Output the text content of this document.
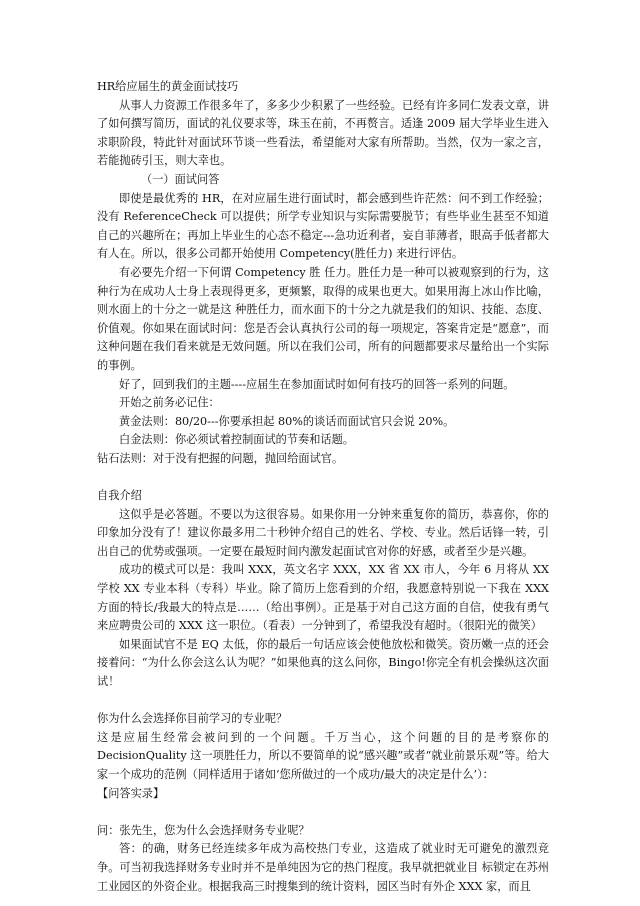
HR给应届生的黄金面试技巧

从事人力资源工作很多年了，多多少少积累了一些经验。已经有许多同仁发表文章，讲了如何撰写简历，面试的礼仪要求等，珠玉在前，不再赘言。适逢 2009 届大学毕业生进入求职阶段，特此针对面试环节谈一些看法，希望能对大家有所帮助。当然，仅为一家之言，若能抛砖引玉，则大幸也。

（一）面试问答

即使是最优秀的 HR，在对应届生进行面试时，都会感到些许茫然：问不到工作经验；没有 ReferenceCheck 可以提供；所学专业知识与实际需要脱节；有些毕业生甚至不知道自己的兴趣所在；再加上毕业生的心态不稳定---急功近利者，妄自菲薄者，眼高手低者都大有人在。所以，很多公司都开始使用 Competency(胜任力) 来进行评估。

有必要先介绍一下何谓 Competency 胜 任力。胜任力是一种可以被观察到的行为，这种行为在成功人士身上表现得更多，更频繁，取得的成果也更大。如果用海上冰山作比喻，则水面上的十分之一就是这 种胜任力，而水面下的十分之九就是我们的知识、技能、态度、价值观。你如果在面试时问：您是否会认真执行公司的每一项规定，答案肯定是“愿意”，而这种问题在我们看来就是无效问题。所以在我们公司，所有的问题都要求尽量给出一个实际的事例。

好了，回到我们的主题----应届生在参加面试时如何有技巧的回答一系列的问题。

开始之前务必记住：

黄金法则：80/20---你要承担起 80%的谈话而面试官只会说 20%。

白金法则：你必须试着控制面试的节奏和话题。

钻石法则：对于没有把握的问题，抛回给面试官。

自我介绍

这似乎是必答题。不要以为这很容易。如果你用一分钟来重复你的简历，恭喜你，你的印象加分没有了！建议你最多用二十秒钟介绍自己的姓名、学校、专业。然后话锋一转，引出自己的优势或强项。一定要在最短时间内激发起面试官对你的好感，或者至少是兴趣。

成功的模式可以是：我叫 XXX，英文名字 XXX，XX 省 XX 市人，今年 6 月将从 XX 学校 XX 专业本科（专科）毕业。除了简历上您看到的介绍，我愿意特别说一下我在 XXX 方面的特长/我最大的特点是……（给出事例）。正是基于对自己这方面的自信，使我有勇气来应聘贵公司的 XXX 这一职位。（看表）一分钟到了，希望我没有超时。（很阳光的微笑）

如果面试官不是 EQ 太低，你的最后一句话应该会使他放松和微笑。资历嫩一点的还会接着问：“为什么你会这么认为呢？”如果他真的这么问你，Bingo!你完全有机会操纵这次面试！

你为什么会选择你目前学习的专业呢？

这是应届生经常会被问到的一个问题。千万当心，这个问题的目的是考察你的 DecisionQuality 这一项胜任力，所以不要简单的说“感兴趣”或者“就业前景乐观”等。给大家一个成功的范例（同样适用于诸如‘您所做过的一个成功/最大的决定是什么’）：

【问答实录】

问：张先生，您为什么会选择财务专业呢？

答：的确，财务已经连续多年成为高校热门专业，这造成了就业时无可避免的激烈竞争。可当初我选择财务专业时并不是单纯因为它的热门程度。我早就把就业目 标锁定在苏州工业园区的外资企业。根据我高三时搜集到的统计资料，园区当时有外企 XXX 家，而且
